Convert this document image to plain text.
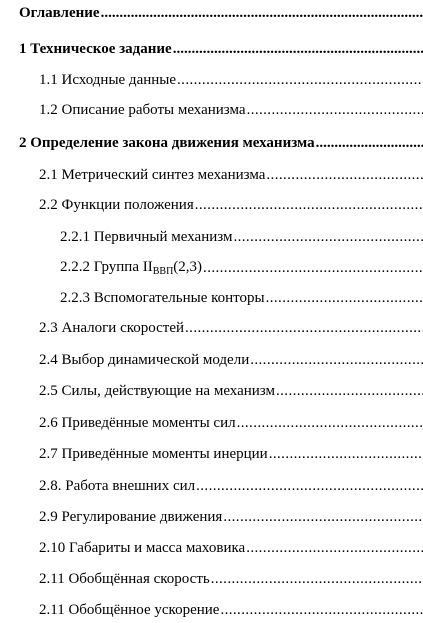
Оглавление
.....
1 Техническое задание
.....
1.1 Исходные данные
.....
1.2 Описание работы механизма
.....
2 Определение закона движения механизма
.....
2.1 Метрический синтез механизма
.....
2.2 Функции положения
.....
2.2.1 Первичный механизм
.....
2.2.2 Группа $II_{ВВП}(2,3)$
.....
2.2.3 Вспомогательные конторы
.....
2.3 Аналоги скоростей
.....
2.4 Выбор динамической модели
.....
2.5 Силы, действующие на механизм
.....
2.6 Приведённые моменты сил
.....
2.7 Приведённые моменты инерции
.....
2.8. Работа внешних сил
.....
2.9 Регулирование движения
.....
2.10 Габариты и масса маховика
.....
2.11 Обобщённая скорость
.....
2.11 Обобщённое ускорение
.....
